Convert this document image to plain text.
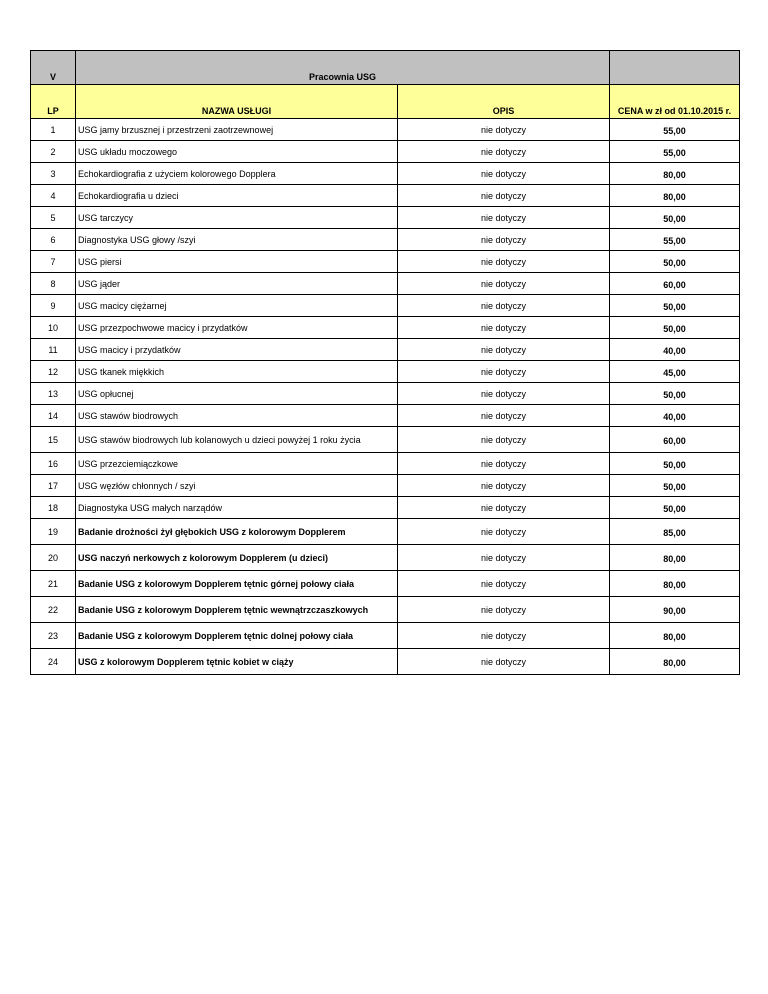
V	Pracownia USG		
LP	NAZWA USŁUGI	OPIS	CENA w zł od 01.10.2015 r.
1	USG jamy brzusznej i przestrzeni zaotrzewnowej	nie dotyczy	55,00
2	USG układu moczowego	nie dotyczy	55,00
3	Echokardiografia z użyciem kolorowego Dopplera	nie dotyczy	80,00
4	Echokardiografia u dzieci	nie dotyczy	80,00
5	USG tarczycy	nie dotyczy	50,00
6	Diagnostyka USG głowy /szyi	nie dotyczy	55,00
7	USG piersi	nie dotyczy	50,00
8	USG jąder	nie dotyczy	60,00
9	USG macicy ciężarnej	nie dotyczy	50,00
10	USG przezpochwowe macicy i przydatków	nie dotyczy	50,00
11	USG macicy i przydatków	nie dotyczy	40,00
12	USG tkanek miękkich	nie dotyczy	45,00
13	USG opłucnej	nie dotyczy	50,00
14	USG stawów biodrowych	nie dotyczy	40,00
15	USG stawów biodrowych lub kolanowych u dzieci powyżej 1 roku życia	nie dotyczy	60,00
16	USG przezciemiączkowe	nie dotyczy	50,00
17	USG węzłów chłonnych / szyi	nie dotyczy	50,00
18	Diagnostyka USG małych narządów	nie dotyczy	50,00
19	Badanie drożności żył głębokich USG z kolorowym Dopplerem	nie dotyczy	85,00
20	USG naczyń nerkowych z kolorowym Dopplerem (u dzieci)	nie dotyczy	80,00
21	Badanie USG z kolorowym Dopplerem tętnic górnej połowy ciała	nie dotyczy	80,00
22	Badanie USG z kolorowym Dopplerem tętnic wewnątrzczaszkowych	nie dotyczy	90,00
23	Badanie USG z kolorowym Dopplerem tętnic dolnej połowy ciała	nie dotyczy	80,00
24	USG z kolorowym Dopplerem tętnic kobiet w ciąży	nie dotyczy	80,00
